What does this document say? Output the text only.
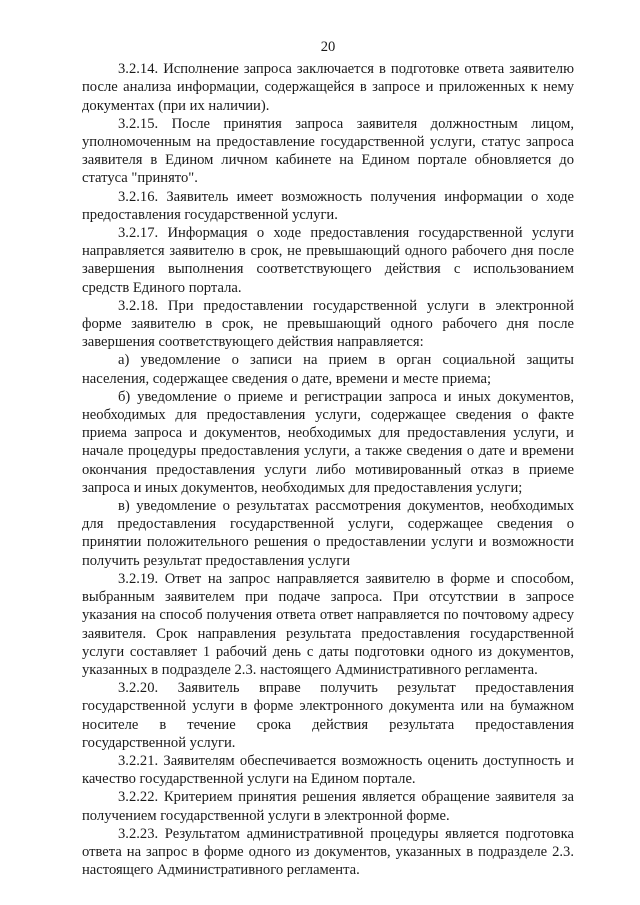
20

3.2.14. Исполнение запроса заключается в подготовке ответа заявителю после анализа информации, содержащейся в запросе и приложенных к нему документах (при их наличии).

3.2.15. После принятия запроса заявителя должностным лицом, уполномоченным на предоставление государственной услуги, статус запроса заявителя в Едином личном кабинете на Едином портале обновляется до статуса "принято".

3.2.16. Заявитель имеет возможность получения информации о ходе предоставления государственной услуги.

3.2.17. Информация о ходе предоставления государственной услуги направляется заявителю в срок, не превышающий одного рабочего дня после завершения выполнения соответствующего действия с использованием средств Единого портала.

3.2.18. При предоставлении государственной услуги в электронной форме заявителю в срок, не превышающий одного рабочего дня после завершения соответствующего действия направляется:

а) уведомление о записи на прием в орган социальной защиты населения, содержащее сведения о дате, времени и месте приема;

б) уведомление о приеме и регистрации запроса и иных документов, необходимых для предоставления услуги, содержащее сведения о факте приема запроса и документов, необходимых для предоставления услуги, и начале процедуры предоставления услуги, а также сведения о дате и времени окончания предоставления услуги либо мотивированный отказ в приеме запроса и иных документов, необходимых для предоставления услуги;

в) уведомление о результатах рассмотрения документов, необходимых для предоставления государственной услуги, содержащее сведения о принятии положительного решения о предоставлении услуги и возможности получить результат предоставления услуги

3.2.19. Ответ на запрос направляется заявителю в форме и способом, выбранным заявителем при подаче запроса. При отсутствии в запросе указания на способ получения ответа ответ направляется по почтовому адресу заявителя. Срок направления результата предоставления государственной услуги составляет 1 рабочий день с даты подготовки одного из документов, указанных в подразделе 2.3. настоящего Административного регламента.

3.2.20. Заявитель вправе получить результат предоставления государственной услуги в форме электронного документа или на бумажном носителе в течение срока действия результата предоставления государственной услуги.

3.2.21. Заявителям обеспечивается возможность оценить доступность и качество государственной услуги на Едином портале.

3.2.22. Критерием принятия решения является обращение заявителя за получением государственной услуги в электронной форме.

3.2.23. Результатом административной процедуры является подготовка ответа на запрос в форме одного из документов, указанных в подразделе 2.3. настоящего Административного регламента.
